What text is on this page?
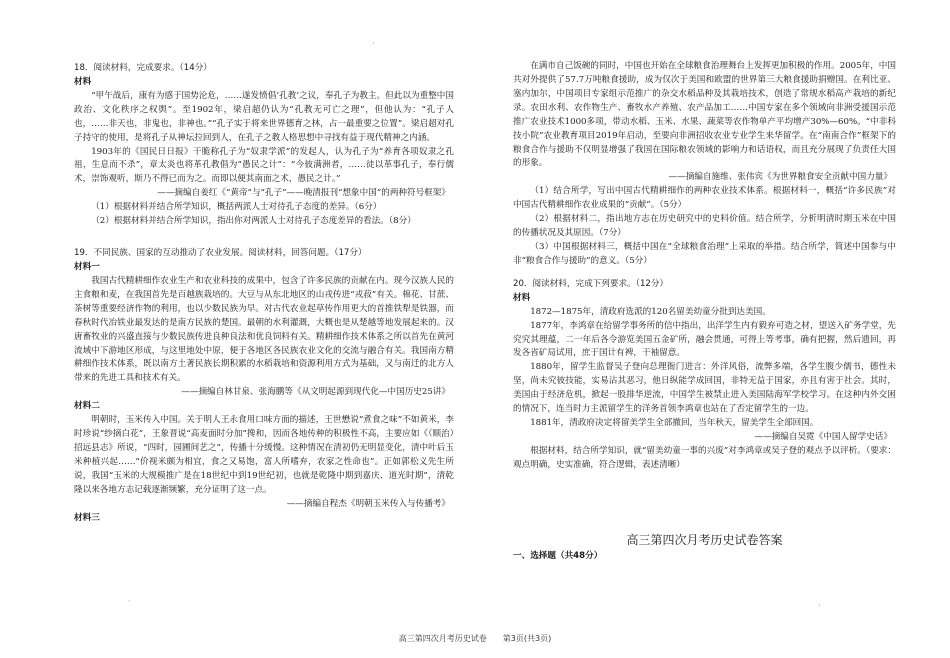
·

18．阅读材料，完成要求。（14分）

材料

“甲午战后，康有为感于国势沦危，……遂发愤倡‘孔教’之议，奉孔子为教主。但此以为重整中国政治、文化秩序之权舆”。至1902年，梁启超仍认为“孔教无可亡之理”，但他认为：“孔子人也，……非天也，非鬼也，非神也。”“孔子实于将来世界德育之林，占一最重要之位置”。梁启超对孔子持守的使用，是将孔子从神坛拉回到人，在孔子之教人格思想中寻找有益于现代精神之内涵。

1903年的《国民日日报》干脆称孔子为“奴隶学派”的发起人，认为孔子为“养育各项奴隶之孔祖，生息而不杀”，章太炎也将革孔教倡为“愚民之计”：“今彼满洲者，……徒以革事孔子，奉行儒术，崇饰观听，斯乃不得已而为之。而即以便其南面之术，愚民之计。”

——摘编自姜红《“黄帝”与“孔子”——晚清报刊“想象中国”的两种符号框架》

（1）根据材料并结合所学知识，概括两派人士对待孔子态度的差异。（6分）

（2）根据材料并结合所学知识，指出你对两派人士对待孔子态度差异的看法。（8分）

19．不同民族、国家的互动推动了农业发展。阅读材料，回答问题。（17分）

材料一

我国古代精耕细作农业生产和农业科技的成果中，包含了许多民族的贡献在内。现今汉族人民的主食粮和麦，在我国首先是百越族栽培的。大豆与从东北地区的山戎传进“戎菽”有关。棉花、甘蔗、茶树等重要经济作物的利用，也以少数民族为早。对古代农业起草传作用更大的首推铁犁是铁器，而春秋时代冶铁业最发达的是南方民族的楚国。最朝的水利灌溉，大概也是从楚越等地发展起来的。汉唐畜牧业的兴盛直接与少数民族传进良种良法和优良饲料有关。精耕细作技术体系之所以首先在黄河流域中下游地区形成，与这里地处中原，便于各地区各民族农业文化的交流与融合有关。我国南方精耕细作技术体系，既以南方土著民族长期积累的水稻栽培和资源利用方式为基础，又与南迁的北方人带来的先进工具和技术有关。

——摘编自林甘泉、张海鹏等《从文明起源到现代化—中国历史25讲》

材料二

明朝时，玉米传入中国。关于明人王永食用口味方面的描述，王世懋说“煮食之味”不如黄米，李时珍说“纱摘白花”，王象晋说“高麦面时分加”搀和，因而各地传种的积极性不高，主要应如《（顺治）招远县志》所说，“四时，园圃间艺之”，传播十分缓慢。这种情况在清初仍无明显变化，清中叶后玉米种植兴起……“价视米颇为相宜，食之又易饱，富人所嗜弃，农家之性命也”。正如郭松义先生所说，我国“玉米的大规模推广是在18世纪中到19世纪初，也就是乾隆中期到嘉庆、道光时期”，清乾隆以来各地方志记载逐渐频繁，充分证明了这一点。

——摘编自程杰《明朝玉米传入与传播考》

材料三

在满市自己饭碗的同时，中国也开始在全球粮食治理舞台上发挥更加积极的作用。2005年，中国共对外提供了57.7万吨粮食援助，成为仅次于美国和欧盟的世界第三大粮食援助捐赠国。在利比亚、塞内加尔，中国项目专家组示范推广的杂交水稻品种及其栽培技术，创造了常规水稻高产栽培的新纪录。农田水利、农作物生产、畜牧水产养殖、农产品加工……中国专家在多个领域向非洲受援国示范推广农业技术1000多项，带动水稻、玉米、水果、蔬菜等农作物单产平均增产30%—60%。“中非科技小院”农业教育项目2019年启动，至要向非洲招收农业专业学生来华留学。在“南南合作”框架下的粮食合作与援助不仅明显增强了我国在国际粮农领域的影响力和话语权，而且充分展现了负责任大国的形象。

——摘编自施维、张伟宾《为世界粮食安全贡献中国力量》

（1）结合所学，写出中国古代精耕细作的两种农业技术体系。根据材料一，概括“许多民族”对中国古代精耕细作农业成果的“贡献”。（5分）

（2）根据材料二，指出地方志在历史研究中的史料价值。结合所学，分析明清时期玉米在中国的传播状况及其原因。（7分）

（3）中国根据材料三，概括中国在“全球粮食治理”上采取的举措。结合所学，简述中国参与中非“粮食合作与援助”的意义。（5分）

20．阅读材料，完成下列要求。（12分）

材料

1872—1875年，清政府选派的120名留美幼童分批到达美国。

1877年，李鸿章在给留学事务所的信中指出，出洋学生内有毅弃可造之材，望送入矿务学堂，先究究其理蕴，二一年后各令游览美国五金矿所，融会贯通，可得上等考事，确有把握，然后遗回，再发各省矿局试用，庶于国计有裨，干袖留意。

1880年，留学生监督吴子登向总理衙门进言：外洋风俗，流弊多端，各学生腹少儒书，德性未坚，尚未究彼技能，实易沾其恶习，他日纵能学成回国，非特无益于国家，亦且有害于社会。其时，美国由于经济危机，掀起一股排华逆流，中国学生被禁止进入美国陆海军学校学习。在这种内外交困的情况下，连当时力主派留学生的洋务首领李鸿章也站在了否定留学生的一边。

1881年，清政府决定将留美学生全部撤回，当年秋天，留美学生全部回国。

——摘编自吴霓《中国人留学史话》

根据材料，结合所学知识，就“留美幼童一事的兴废”对李鸿章或吴子登的观点予以评析。（要求：观点明确，史实准确，符合逻辑，表述清晰）

高三第四次月考历史试卷答案

一、选择题（共48分）

高三第四次月考历史试卷　　第3页(共3页)
·	·
